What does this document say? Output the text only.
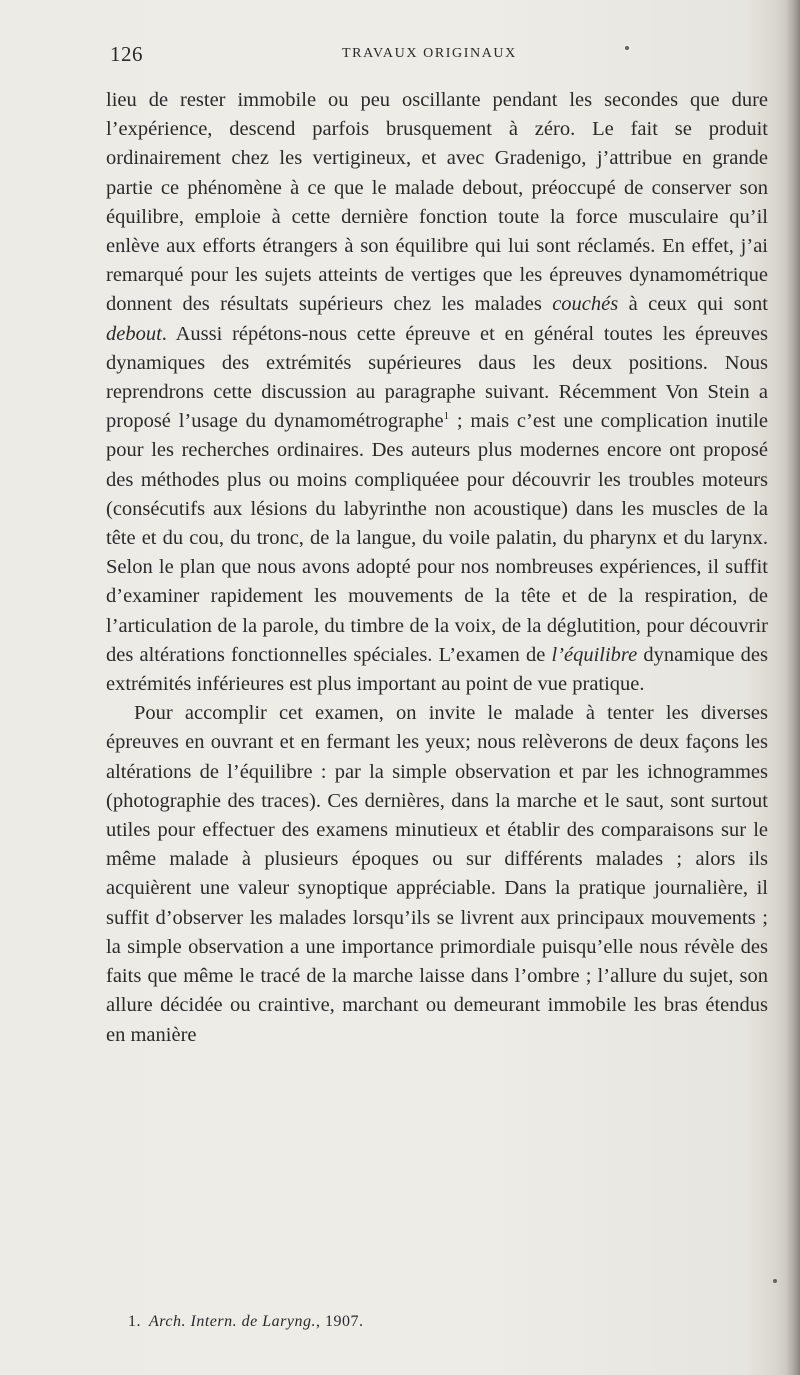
126	TRAVAUX ORIGINAUX

lieu de rester immobile ou peu oscillante pendant les secondes que dure l’expérience, descend parfois brusquement à zéro. Le fait se produit ordinairement chez les vertigineux, et avec Gradenigo, j’attribue en grande partie ce phénomène à ce que le malade debout, préoccupé de conserver son équilibre, emploie à cette dernière fonction toute la force musculaire qu’il enlève aux efforts étrangers à son équilibre qui lui sont réclamés. En effet, j’ai remarqué pour les sujets atteints de vertiges que les épreuves dynamométrique donnent des résultats supérieurs chez les malades couchés à ceux qui sont debout. Aussi répétons-nous cette épreuve et en général toutes les épreuves dynamiques des extrémités supérieures daus les deux positions. Nous reprendrons cette discussion au paragraphe suivant. Récemment Von Stein a proposé l’usage du dynamométrographe$^1$ ; mais c’est une complication inutile pour les recherches ordinaires. Des auteurs plus modernes encore ont proposé des méthodes plus ou moins compliquéee pour découvrir les troubles moteurs (consécutifs aux lésions du labyrinthe non acoustique) dans les muscles de la tête et du cou, du tronc, de la langue, du voile palatin, du pharynx et du larynx. Selon le plan que nous avons adopté pour nos nombreuses expériences, il suffit d’examiner rapidement les mouvements de la tête et de la respiration, de l’articulation de la parole, du timbre de la voix, de la déglutition, pour découvrir des altérations fonctionnelles spéciales. L’examen de l’équilibre dynamique des extrémités inférieures est plus important au point de vue pratique.

Pour accomplir cet examen, on invite le malade à tenter les diverses épreuves en ouvrant et en fermant les yeux; nous relèverons de deux façons les altérations de l’équilibre : par la simple observation et par les ichnogrammes (photographie des traces). Ces dernières, dans la marche et le saut, sont surtout utiles pour effectuer des examens minutieux et établir des comparaisons sur le même malade à plusieurs époques ou sur différents malades ; alors ils acquièrent une valeur synoptique appréciable. Dans la pratique journalière, il suffit d’observer les malades lorsqu’ils se livrent aux principaux mouvements ; la simple observation a une importance primordiale puisqu’elle nous révèle des faits que même le tracé de la marche laisse dans l’ombre ; l’allure du sujet, son allure décidée ou craintive, marchant ou demeurant immobile les bras étendus en manière

1. Arch. Intern. de Laryng., 1907.
